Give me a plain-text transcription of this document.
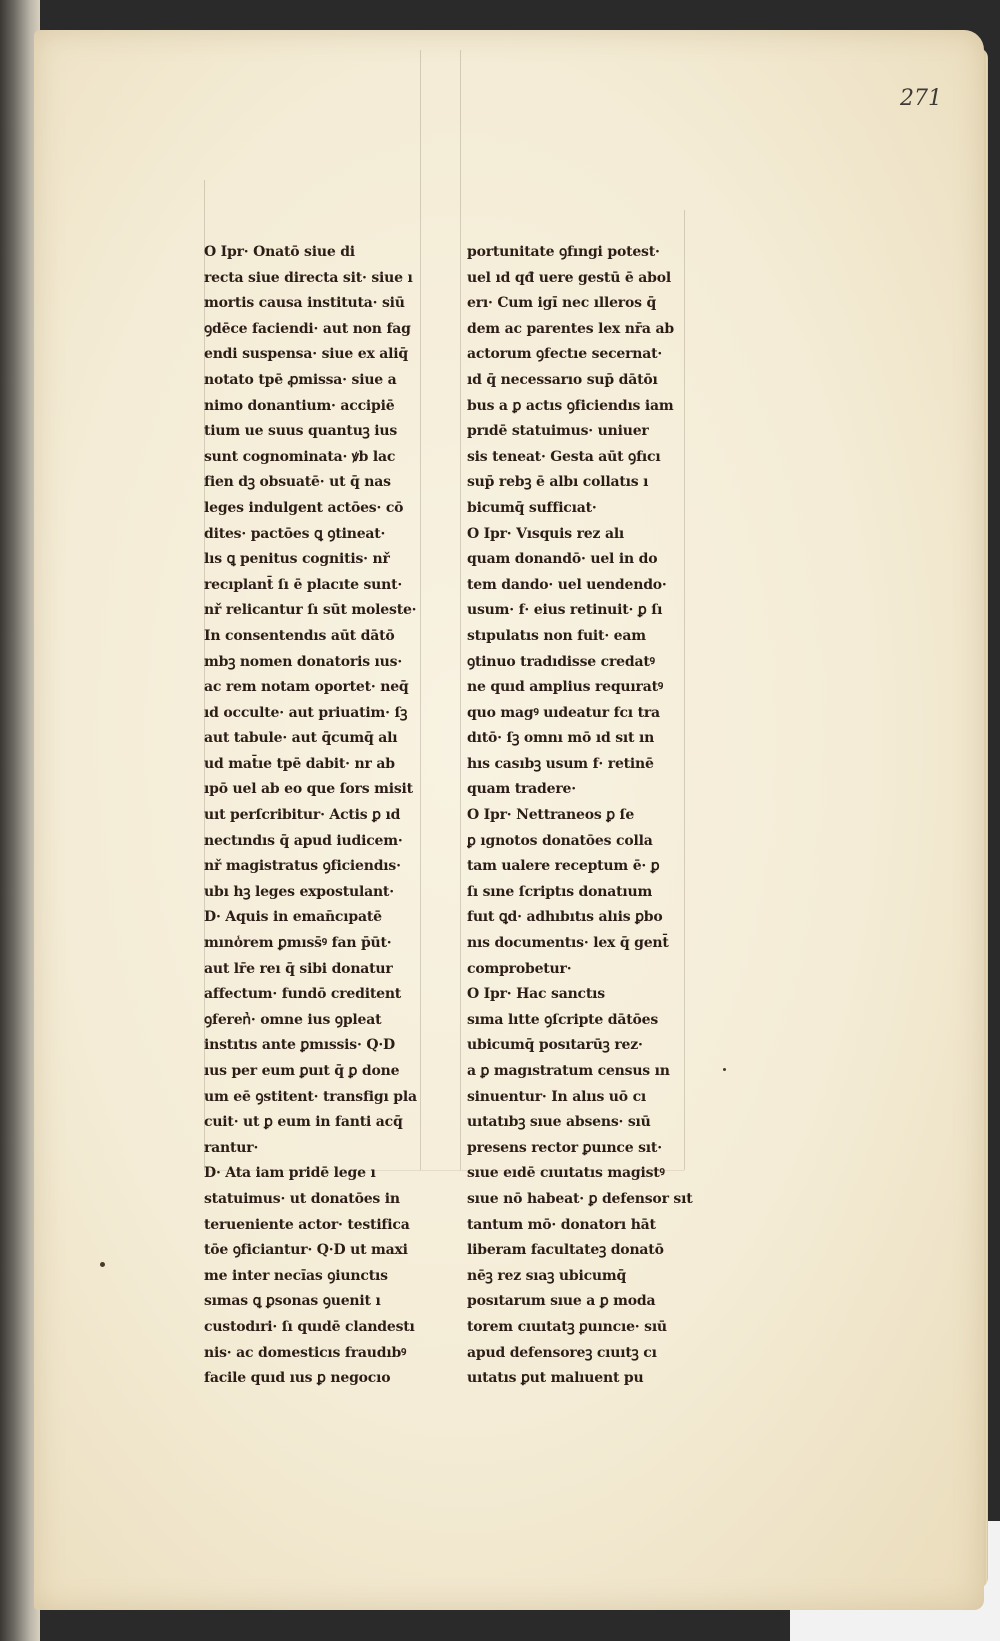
271
O Ipr· Onatō siue di
recta siue directa sit· siue ı
mortis causa instituta· siū
ꝯdēce faciendi· aut non fag
endi suspensa· siue ex aliq̄
notato tpē ꝓmissa· siue a
nimo donantium· accipiē
tium ue suus quantuꝫ ius
sunt cognominata· ꝟb lac
fien dꝫ obsuatē· ut q̄ nas
leges indulgent actōes· cō
dites· pactōes ꝗ ꝯtineat·
lıs ꝗ penitus cognitis· nř
recıplant̄ ſı ē placıte sunt·
nř relicantur ſı sūt moleste·
In consentendıs aūt dātō
mbꝫ nomen donatoris ıus·
ac rem notam oportet· neq̄
ıd occulte· aut priuatim· ſꝫ
aut tabule· aut q̄cumq̄ alı
ud mat̄ıe tpē dabit· nr ab
ıpō uel ab eo que ſors misit
uıt perſcribitur· Actis ꝑ ıd
nectındıs q̄ apud iudicem·
nř magistratus ꝯficiendıs·
ubı hꝫ leges expostulant·
D· Aquis in eman̄cıpatē
mıno̾rem ꝑmıss̄ꝰ fan p̄ūt·
aut lr̄e reı q̄ sibi donatur
affectum· fundō creditent
ꝯferenᷣ· omne ius ꝯpleat
instıtıs ante ꝑmıssis· Q·D
ıus per eum ꝑuıt q̄ ꝑ done
um eē ꝯstitent· transfigı pla
cuit· ut ꝑ eum in fanti acq̄
rantur·
D· Ata iam pridē lege ı
statuimus· ut donatōes in
terueniente actor· testifica
tōe ꝯficiantur· Q·D ut maxi
me inter necı̄as ꝯiunctıs
sımas ꝗ ꝑsonas ꝯuenit ı
custodıri· ſı quıdē clandestı
nis· ac domesticıs fraudıbꝰ
facile quıd ıus ꝑ negocıo
portunitate ꝯfıngi potest·
uel ıd qđ uere gestū ē abol
erı· Cum igı̄ nec ılleros q̄
dem ac parentes lex nr̄a ab
actorum ꝯfectıe secernat·
ıd q̄ necessarıo sup̄ dātōı
bus a ꝑ actıs ꝯficiendıs iam
prıdē statuimus· uniuer
sis teneat· Gesta aūt ꝯfıcı
sup̄ rebꝫ ē albı collatıs ı
bicumq̄ sufficıat·
O Ipr· Vısquis rez alı
quam donandō· uel in do
tem dando· uel uendendo·
usum· f· eius retinuit· ꝑ ſı
stıpulatıs non fuit· eam
ꝯtinuo tradıdisse credatꝰ
ne quıd amplius requıratꝰ
quo magꝰ uıdeatur fcı tra
dıtō· ſꝫ omnı mō ıd sıt ın
hıs casıbꝫ usum f· retinē
quam tradere·
O Ipr· Nettraneos ꝑ ſe
ꝑ ıgnotos donatōes colla
tam ualere receptum ē· ꝑ
ſı sıne ſcriptıs donatıum
fuıt ꝗd· adhıbıtıs alıis ꝑbo
nıs documentıs· lex q̄ gent̄
comprobetur·
O Ipr· Hac sanctıs
sıma lıtte ꝯſcripte dātōes
ubicumq̄ posıtarūꝫ rez·
a ꝑ magıstratum census ın
sinuentur· In alııs uō cı
uıtatıbꝫ sıue absens· sıū
presens rector ꝑuınce sıt·
sıue eıdē cıuıtatıs magistꝰ
sıue nō habeat· ꝑ defensor sıt
tantum mō· donatorı hāt
liberam facultateꝫ donatō
nēꝫ rez sıaꝫ ubicumq̄
posıtarum sıue a ꝑ moda
torem cıuıtatꝫ ꝑuıncıe· sıū
apud defensoreꝫ cıuıtꝫ cı
uıtatıs ꝑut malıuent pu
